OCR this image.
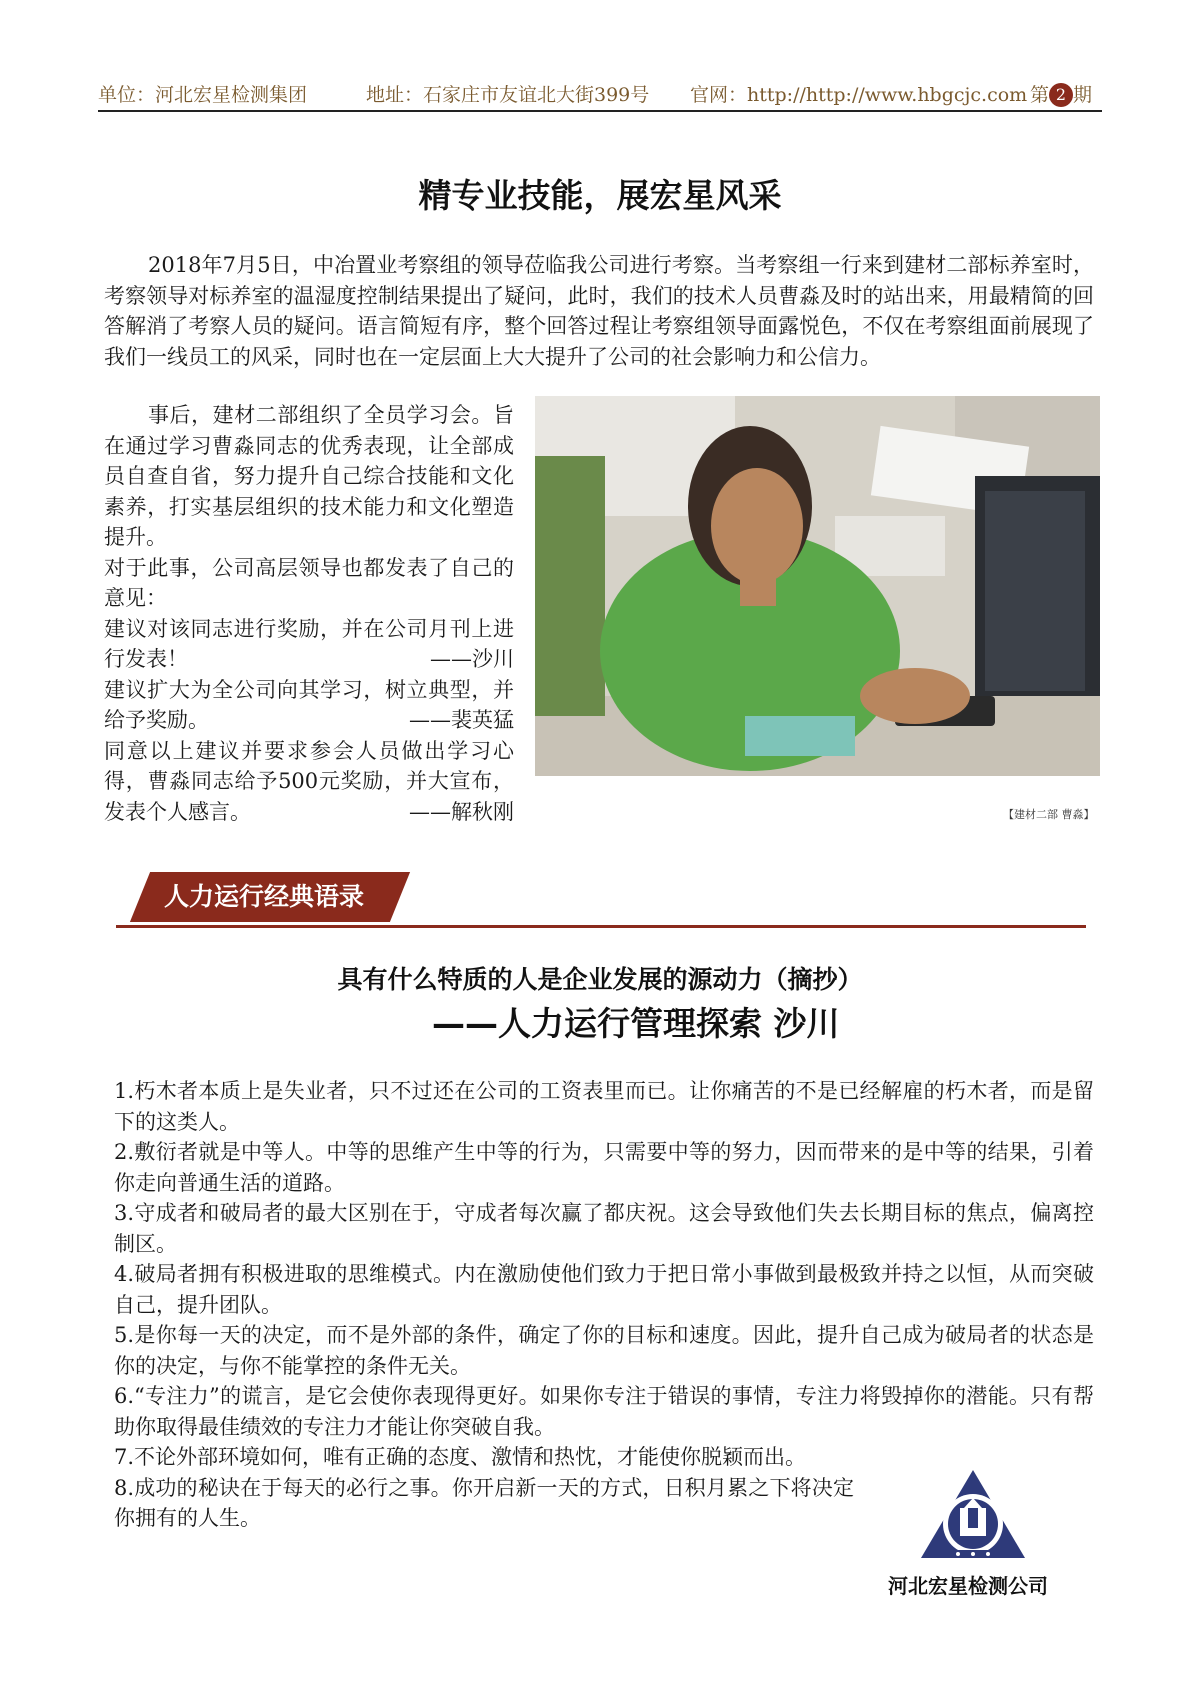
单位：河北宏星检测集团	地址：石家庄市友谊北大街399号 官网：http://http://www.hbgcjc.com 第 2 期
精专业技能，展宏星风采

2018年7月5日，中冶置业考察组的领导莅临我公司进行考察。当考察组一行来到建材二部标养室时，考察领导对标养室的温湿度控制结果提出了疑问，此时，我们的技术人员曹淼及时的站出来，用最精简的回答解消了考察人员的疑问。语言简短有序，整个回答过程让考察组领导面露悦色，不仅在考察组面前展现了我们一线员工的风采，同时也在一定层面上大大提升了公司的社会影响力和公信力。

事后，建材二部组织了全员学习会。旨在通过学习曹淼同志的优秀表现，让全部成员自查自省，努力提升自己综合技能和文化素养，打实基层组织的技术能力和文化塑造提升。

对于此事，公司高层领导也都发表了自己的意见：

建议对该同志进行奖励，并在公司月刊上进行发表！	——沙川

建议扩大为全公司向其学习，树立典型，并给予奖励。	——裴英猛

同意以上建议并要求参会人员做出学习心得，曹淼同志给予500元奖励，并大宣布，发表个人感言。	——解秋刚	【建材二部 曹淼】
人力运行经典语录
具有什么特质的人是企业发展的源动力（摘抄）
——人力运行管理探索 沙川

1.朽木者本质上是失业者，只不过还在公司的工资表里而已。让你痛苦的不是已经解雇的朽木者，而是留下的这类人。

2.敷衍者就是中等人。中等的思维产生中等的行为，只需要中等的努力，因而带来的是中等的结果，引着你走向普通生活的道路。

3.守成者和破局者的最大区别在于，守成者每次赢了都庆祝。这会导致他们失去长期目标的焦点，偏离控制区。

4.破局者拥有积极进取的思维模式。内在激励使他们致力于把日常小事做到最极致并持之以恒，从而突破自己，提升团队。

5.是你每一天的决定，而不是外部的条件，确定了你的目标和速度。因此，提升自己成为破局者的状态是你的决定，与你不能掌控的条件无关。

6.“专注力”的谎言，是它会使你表现得更好。如果你专注于错误的事情，专注力将毁掉你的潜能。只有帮助你取得最佳绩效的专注力才能让你突破自我。

7.不论外部环境如何，唯有正确的态度、激情和热忱，才能使你脱颖而出。

8.成功的秘诀在于每天的必行之事。你开启新一天的方式，日积月累之下将决定你拥有的人生。

河北宏星检测公司
